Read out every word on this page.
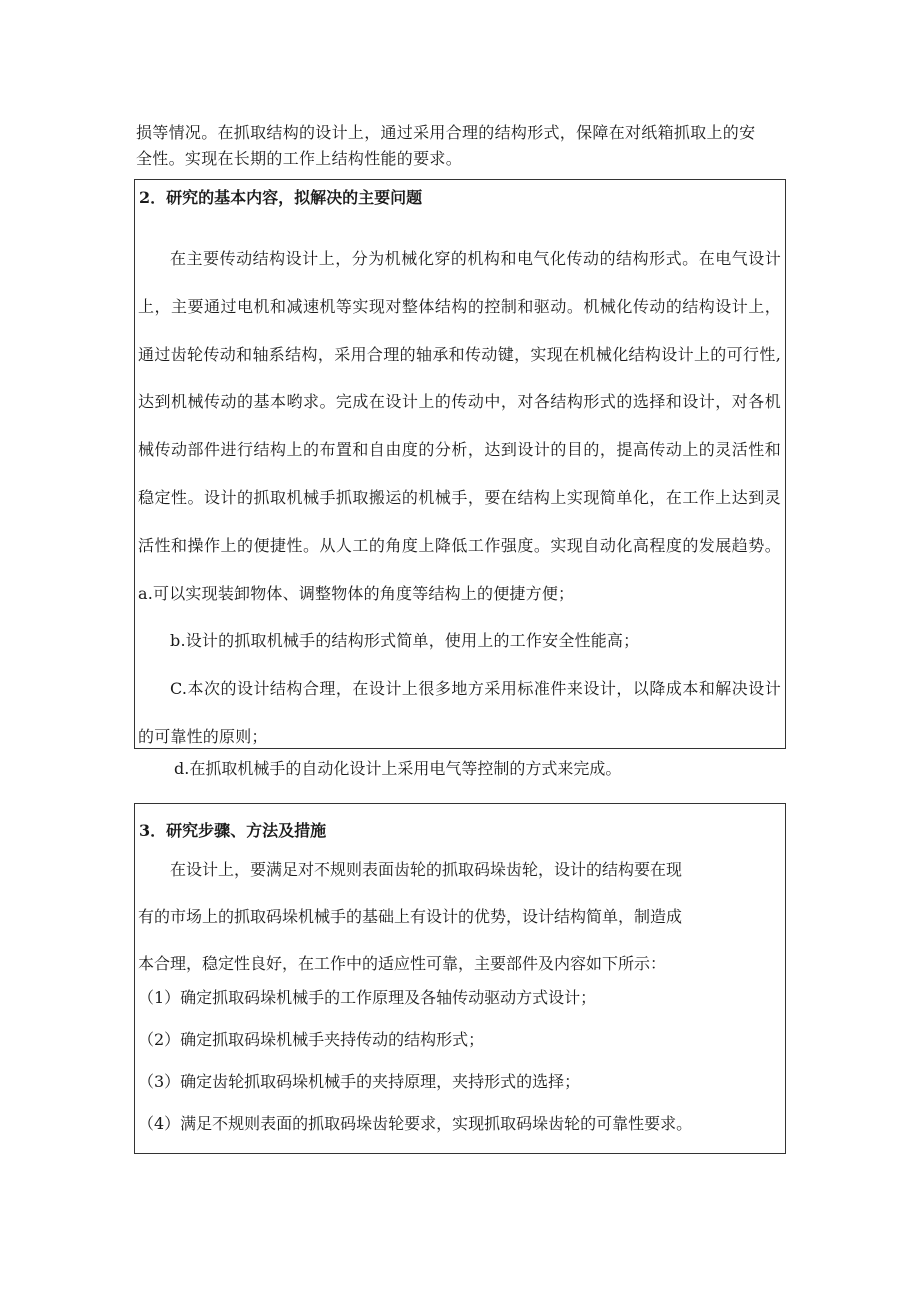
损等情况。在抓取结构的设计上，通过采用合理的结构形式，保障在对纸箱抓取上的安

全性。实现在长期的工作上结构性能的要求。

2．研究的基本内容，拟解决的主要问题

在主要传动结构设计上，分为机械化穿的机构和电气化传动的结构形式。在电气设计上，主要通过电机和减速机等实现对整体结构的控制和驱动。机械化传动的结构设计上，通过齿轮传动和轴系结构，采用合理的轴承和传动键，实现在机械化结构设计上的可行性,达到机械传动的基本哟求。完成在设计上的传动中，对各结构形式的选择和设计，对各机械传动部件进行结构上的布置和自由度的分析，达到设计的目的，提高传动上的灵活性和稳定性。设计的抓取机械手抓取搬运的机械手，要在结构上实现简单化，在工作上达到灵活性和操作上的便捷性。从人工的角度上降低工作强度。实现自动化高程度的发展趋势。a.可以实现装卸物体、调整物体的角度等结构上的便捷方便；

b.设计的抓取机械手的结构形式简单，使用上的工作安全性能高；

C.本次的设计结构合理，在设计上很多地方采用标准件来设计，以降成本和解决设计的可靠性的原则；

d.在抓取机械手的自动化设计上采用电气等控制的方式来完成。

3．研究步骤、方法及措施

在设计上，要满足对不规则表面齿轮的抓取码垛齿轮，设计的结构要在现
有的市场上的抓取码垛机械手的基础上有设计的优势，设计结构简单，制造成
本合理，稳定性良好，在工作中的适应性可靠，主要部件及内容如下所示：

（1）确定抓取码垛机械手的工作原理及各轴传动驱动方式设计；
（2）确定抓取码垛机械手夹持传动的结构形式；
（3）确定齿轮抓取码垛机械手的夹持原理，夹持形式的选择；
（4）满足不规则表面的抓取码垛齿轮要求，实现抓取码垛齿轮的可靠性要求。
